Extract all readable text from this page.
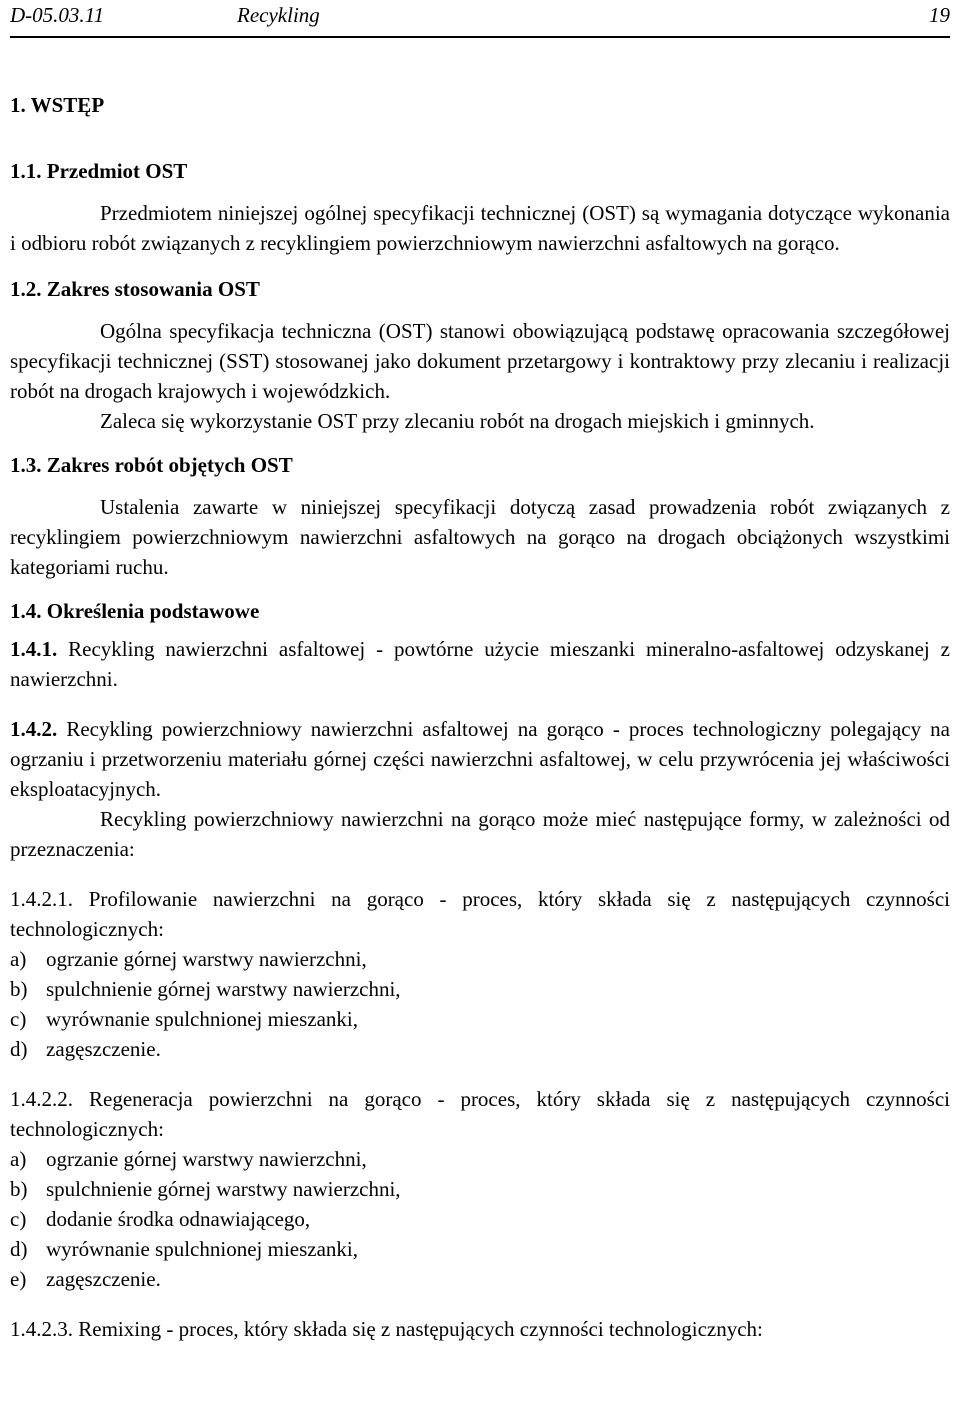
D-05.03.11	Recykling	19

1. WSTĘP

1.1. Przedmiot OST

Przedmiotem niniejszej ogólnej specyfikacji technicznej (OST) są wymagania dotyczące wykonania i odbioru robót związanych z recyklingiem powierzchniowym nawierzchni asfaltowych na gorąco.

1.2. Zakres stosowania OST

Ogólna specyfikacja techniczna (OST) stanowi obowiązującą podstawę opracowania szczegółowej specyfikacji technicznej (SST) stosowanej jako dokument przetargowy i kontraktowy przy zlecaniu i realizacji robót na drogach krajowych i wojewódzkich.

Zaleca się wykorzystanie OST przy zlecaniu robót na drogach miejskich i gminnych.

1.3. Zakres robót objętych OST

Ustalenia zawarte w niniejszej specyfikacji dotyczą zasad prowadzenia robót związanych z recyklingiem powierzchniowym nawierzchni asfaltowych na gorąco na drogach obciążonych wszystkimi kategoriami ruchu.

1.4. Określenia podstawowe

1.4.1. Recykling nawierzchni asfaltowej - powtórne użycie mieszanki mineralno-asfaltowej odzyskanej z nawierzchni.

1.4.2. Recykling powierzchniowy nawierzchni asfaltowej na gorąco - proces technologiczny polegający na ogrzaniu i przetworzeniu materiału górnej części nawierzchni asfaltowej, w celu przywrócenia jej właściwości eksploatacyjnych.

Recykling powierzchniowy nawierzchni na gorąco może mieć następujące formy, w zależności od przeznaczenia:

1.4.2.1. Profilowanie nawierzchni na gorąco - proces, który składa się z następujących czynności technologicznych:

a) ogrzanie górnej warstwy nawierzchni,
b) spulchnienie górnej warstwy nawierzchni,
c) wyrównanie spulchnionej mieszanki,
d) zagęszczenie.

1.4.2.2. Regeneracja powierzchni na gorąco - proces, który składa się z następujących czynności technologicznych:

a) ogrzanie górnej warstwy nawierzchni,
b) spulchnienie górnej warstwy nawierzchni,
c) dodanie środka odnawiającego,
d) wyrównanie spulchnionej mieszanki,
e) zagęszczenie.

1.4.2.3. Remixing - proces, który składa się z następujących czynności technologicznych:
